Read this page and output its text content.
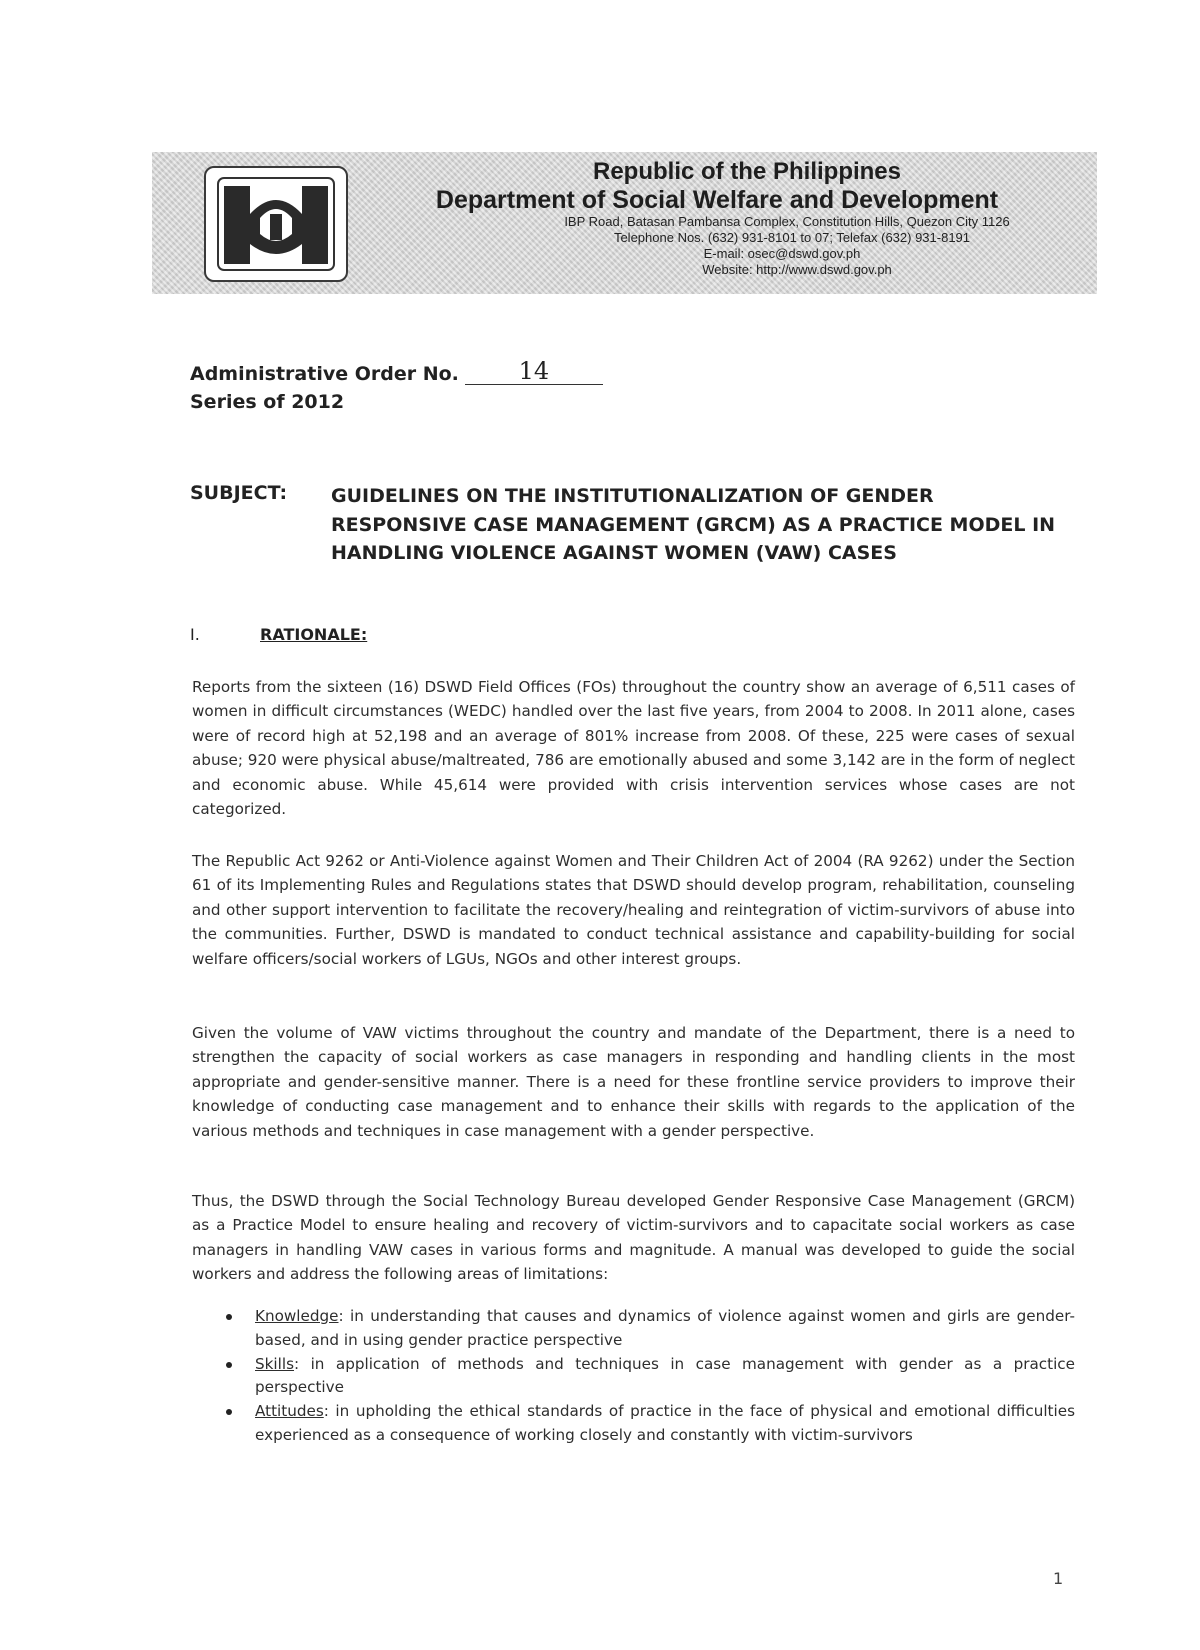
Republic of the Philippines
Department of Social Welfare and Development
IBP Road, Batasan Pambansa Complex, Constitution Hills, Quezon City 1126
Telephone Nos. (632) 931-8101 to 07; Telefax (632) 931-8191
E-mail: osec@dswd.gov.ph
Website: http://www.dswd.gov.ph
Administrative Order No.	14
Series of 2012
SUBJECT: GUIDELINES ON THE INSTITUTIONALIZATION OF GENDER RESPONSIVE CASE MANAGEMENT (GRCM) AS A PRACTICE MODEL IN HANDLING VIOLENCE AGAINST WOMEN (VAW) CASES
I.	RATIONALE:

Reports from the sixteen (16) DSWD Field Offices (FOs) throughout the country show an average of 6,511 cases of women in difficult circumstances (WEDC) handled over the last five years, from 2004 to 2008. In 2011 alone, cases were of record high at 52,198 and an average of 801% increase from 2008. Of these, 225 were cases of sexual abuse; 920 were physical abuse/maltreated, 786 are emotionally abused and some 3,142 are in the form of neglect and economic abuse. While 45,614 were provided with crisis intervention services whose cases are not categorized.

The Republic Act 9262 or Anti-Violence against Women and Their Children Act of 2004 (RA 9262) under the Section 61 of its Implementing Rules and Regulations states that DSWD should develop program, rehabilitation, counseling and other support intervention to facilitate the recovery/healing and reintegration of victim-survivors of abuse into the communities. Further, DSWD is mandated to conduct technical assistance and capability-building for social welfare officers/social workers of LGUs, NGOs and other interest groups.

Given the volume of VAW victims throughout the country and mandate of the Department, there is a need to strengthen the capacity of social workers as case managers in responding and handling clients in the most appropriate and gender-sensitive manner. There is a need for these frontline service providers to improve their knowledge of conducting case management and to enhance their skills with regards to the application of the various methods and techniques in case management with a gender perspective.

Thus, the DSWD through the Social Technology Bureau developed Gender Responsive Case Management (GRCM) as a Practice Model to ensure healing and recovery of victim-survivors and to capacitate social workers as case managers in handling VAW cases in various forms and magnitude. A manual was developed to guide the social workers and address the following areas of limitations:

Knowledge: in understanding that causes and dynamics of violence against women and girls are gender-based, and in using gender practice perspective
Skills: in application of methods and techniques in case management with gender as a practice perspective
Attitudes: in upholding the ethical standards of practice in the face of physical and emotional difficulties experienced as a consequence of working closely and constantly with victim-survivors
1
